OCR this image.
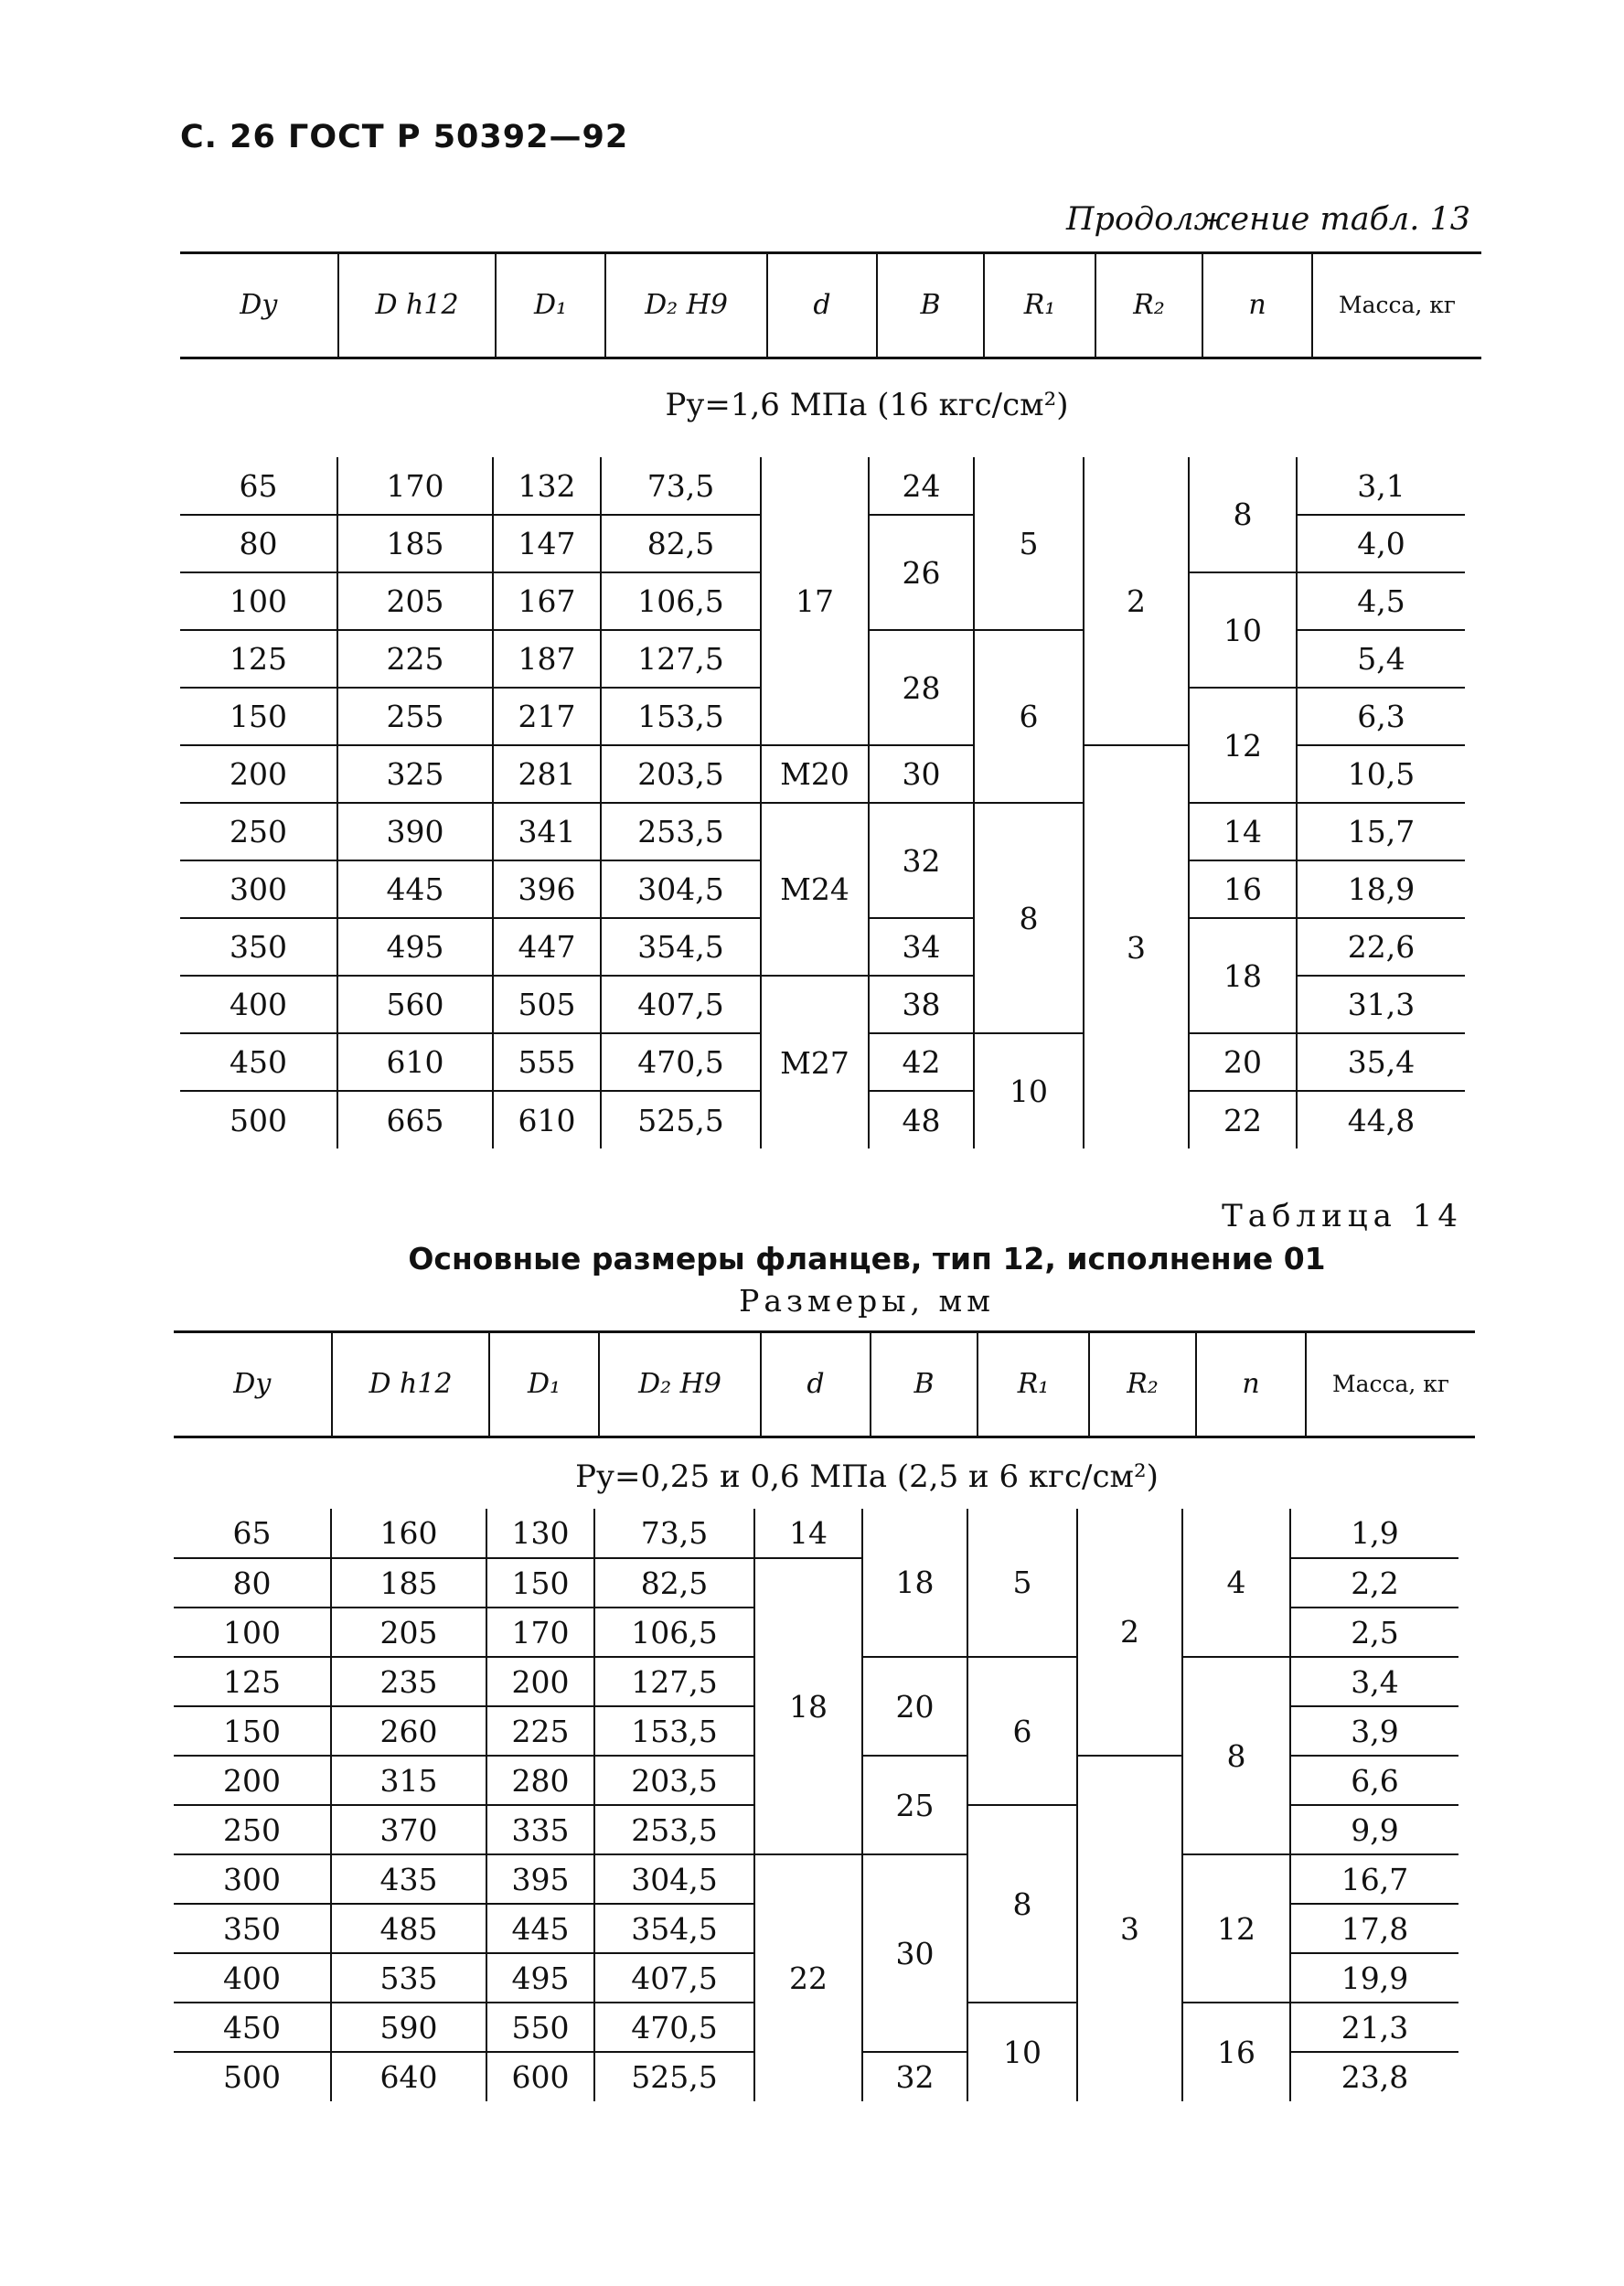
С. 26 ГОСТ Р 50392—92
Продолжение табл. 13
Dу	D h12	D₁	D₂ H9	d	B	R₁	R₂	n	Масса, кг
Pу=1,6 МПа (16 кгс/см²)
65	170	132	73,5	17	24	5	2	8	3,1
80	185	147	82,5		26				4,0
100	205	167	106,5					10	4,5
125	225	187	127,5		28	6			5,4
150	255	217	153,5					12	6,3
200	325	281	203,5	М20	30		3		10,5
250	390	341	253,5	М24	32	8		14	15,7
300	445	396	304,5					16	18,9
350	495	447	354,5		34			18	22,6
400	560	505	407,5	М27	38				31,3
450	610	555	470,5		42	10		20	35,4
500	665	610	525,5		48			22	44,8
Таблица 14
Основные размеры фланцев, тип 12, исполнение 01
Размеры, мм
Dу	D h12	D₁	D₂ H9	d	B	R₁	R₂	n	Масса, кг
Pу=0,25 и 0,6 МПа (2,5 и 6 кгс/см²)
65	160	130	73,5	14	18	5	2	4	1,9
80	185	150	82,5	18					2,2
100	205	170	106,5						2,5
125	235	200	127,5		20	6		8	3,4
150	260	225	153,5						3,9
200	315	280	203,5		25		3		6,6
250	370	335	253,5			8			9,9
300	435	395	304,5	22	30			12	16,7
350	485	445	354,5						17,8
400	535	495	407,5						19,9
450	590	550	470,5			10		16	21,3
500	640	600	525,5		32				23,8
